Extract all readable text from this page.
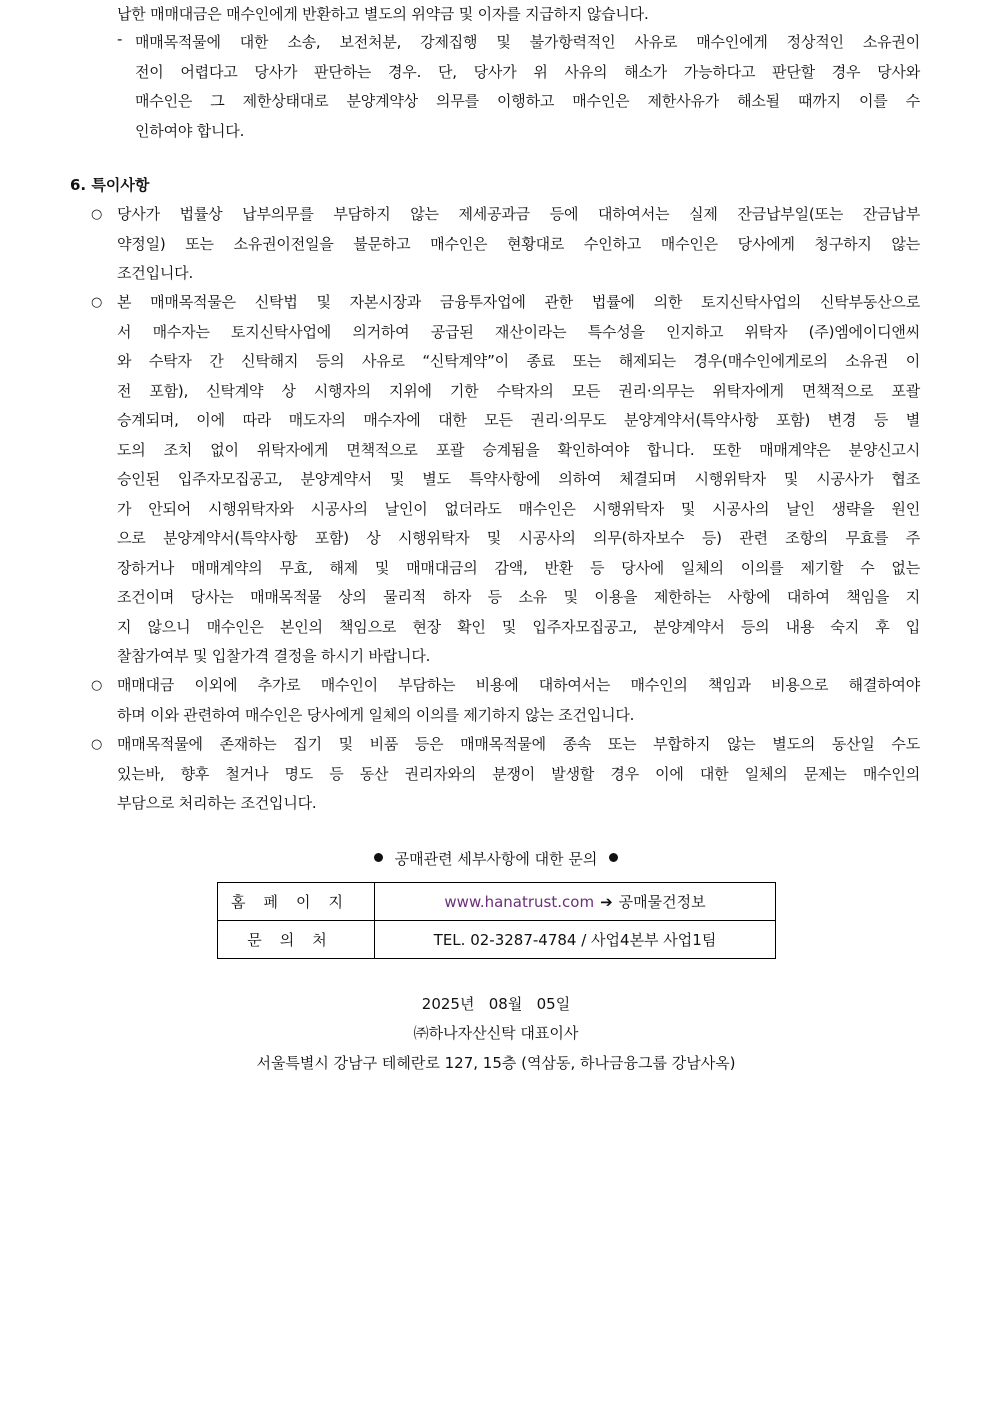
납한 매매대금은 매수인에게 반환하고 별도의 위약금 및 이자를 지급하지 않습니다.
- 매매목적물에 대한 소송, 보전처분, 강제집행 및 불가항력적인 사유로 매수인에게 정상적인 소유권이
전이 어렵다고 당사가 판단하는 경우. 단, 당사가 위 사유의 해소가 가능하다고 판단할 경우 당사와
매수인은 그 제한상태대로 분양계약상 의무를 이행하고 매수인은 제한사유가 해소될 때까지 이를 수
인하여야 합니다.
6. 특이사항
○ 당사가 법률상 납부의무를 부담하지 않는 제세공과금 등에 대하여서는 실제 잔금납부일(또는 잔금납부
약정일) 또는 소유권이전일을 불문하고 매수인은 현황대로 수인하고 매수인은 당사에게 청구하지 않는
조건입니다.
○ 본 매매목적물은 신탁법 및 자본시장과 금융투자업에 관한 법률에 의한 토지신탁사업의 신탁부동산으로
서 매수자는 토지신탁사업에 의거하여 공급된 재산이라는 특수성을 인지하고 위탁자 (주)엠에이디앤씨
와 수탁자 간 신탁해지 등의 사유로 “신탁계약”이 종료 또는 해제되는 경우(매수인에게로의 소유권 이
전 포함), 신탁계약 상 시행자의 지위에 기한 수탁자의 모든 권리·의무는 위탁자에게 면책적으로 포괄
승계되며, 이에 따라 매도자의 매수자에 대한 모든 권리·의무도 분양계약서(특약사항 포함) 변경 등 별
도의 조치 없이 위탁자에게 면책적으로 포괄 승계됨을 확인하여야 합니다. 또한 매매계약은 분양신고시
승인된 입주자모집공고, 분양계약서 및 별도 특약사항에 의하여 체결되며 시행위탁자 및 시공사가 협조
가 안되어 시행위탁자와 시공사의 날인이 없더라도 매수인은 시행위탁자 및 시공사의 날인 생략을 원인
으로 분양계약서(특약사항 포함) 상 시행위탁자 및 시공사의 의무(하자보수 등) 관련 조항의 무효를 주
장하거나 매매계약의 무효, 해제 및 매매대금의 감액, 반환 등 당사에 일체의 이의를 제기할 수 없는
조건이며 당사는 매매목적물 상의 물리적 하자 등 소유 및 이용을 제한하는 사항에 대하여 책임을 지
지 않으니 매수인은 본인의 책임으로 현장 확인 및 입주자모집공고, 분양계약서 등의 내용 숙지 후 입
찰참가여부 및 입찰가격 결정을 하시기 바랍니다.
○ 매매대금 이외에 추가로 매수인이 부담하는 비용에 대하여서는 매수인의 책임과 비용으로 해결하여야
하며 이와 관련하여 매수인은 당사에게 일체의 이의를 제기하지 않는 조건입니다.
○ 매매목적물에 존재하는 집기 및 비품 등은 매매목적물에 종속 또는 부합하지 않는 별도의 동산일 수도
있는바, 향후 철거나 명도 등 동산 권리자와의 분쟁이 발생할 경우 이에 대한 일체의 문제는 매수인의
부담으로 처리하는 조건입니다.
공매관련 세부사항에 대한 문의
홈페이지	www.hanatrust.com ➔ 공매물건정보
문의처	TEL. 02-3287-4784 / 사업4본부 사업1팀
2025년   08월   05일
㈜하나자산신탁 대표이사
서울특별시 강남구 테헤란로 127, 15층 (역삼동, 하나금융그룹 강남사옥)
